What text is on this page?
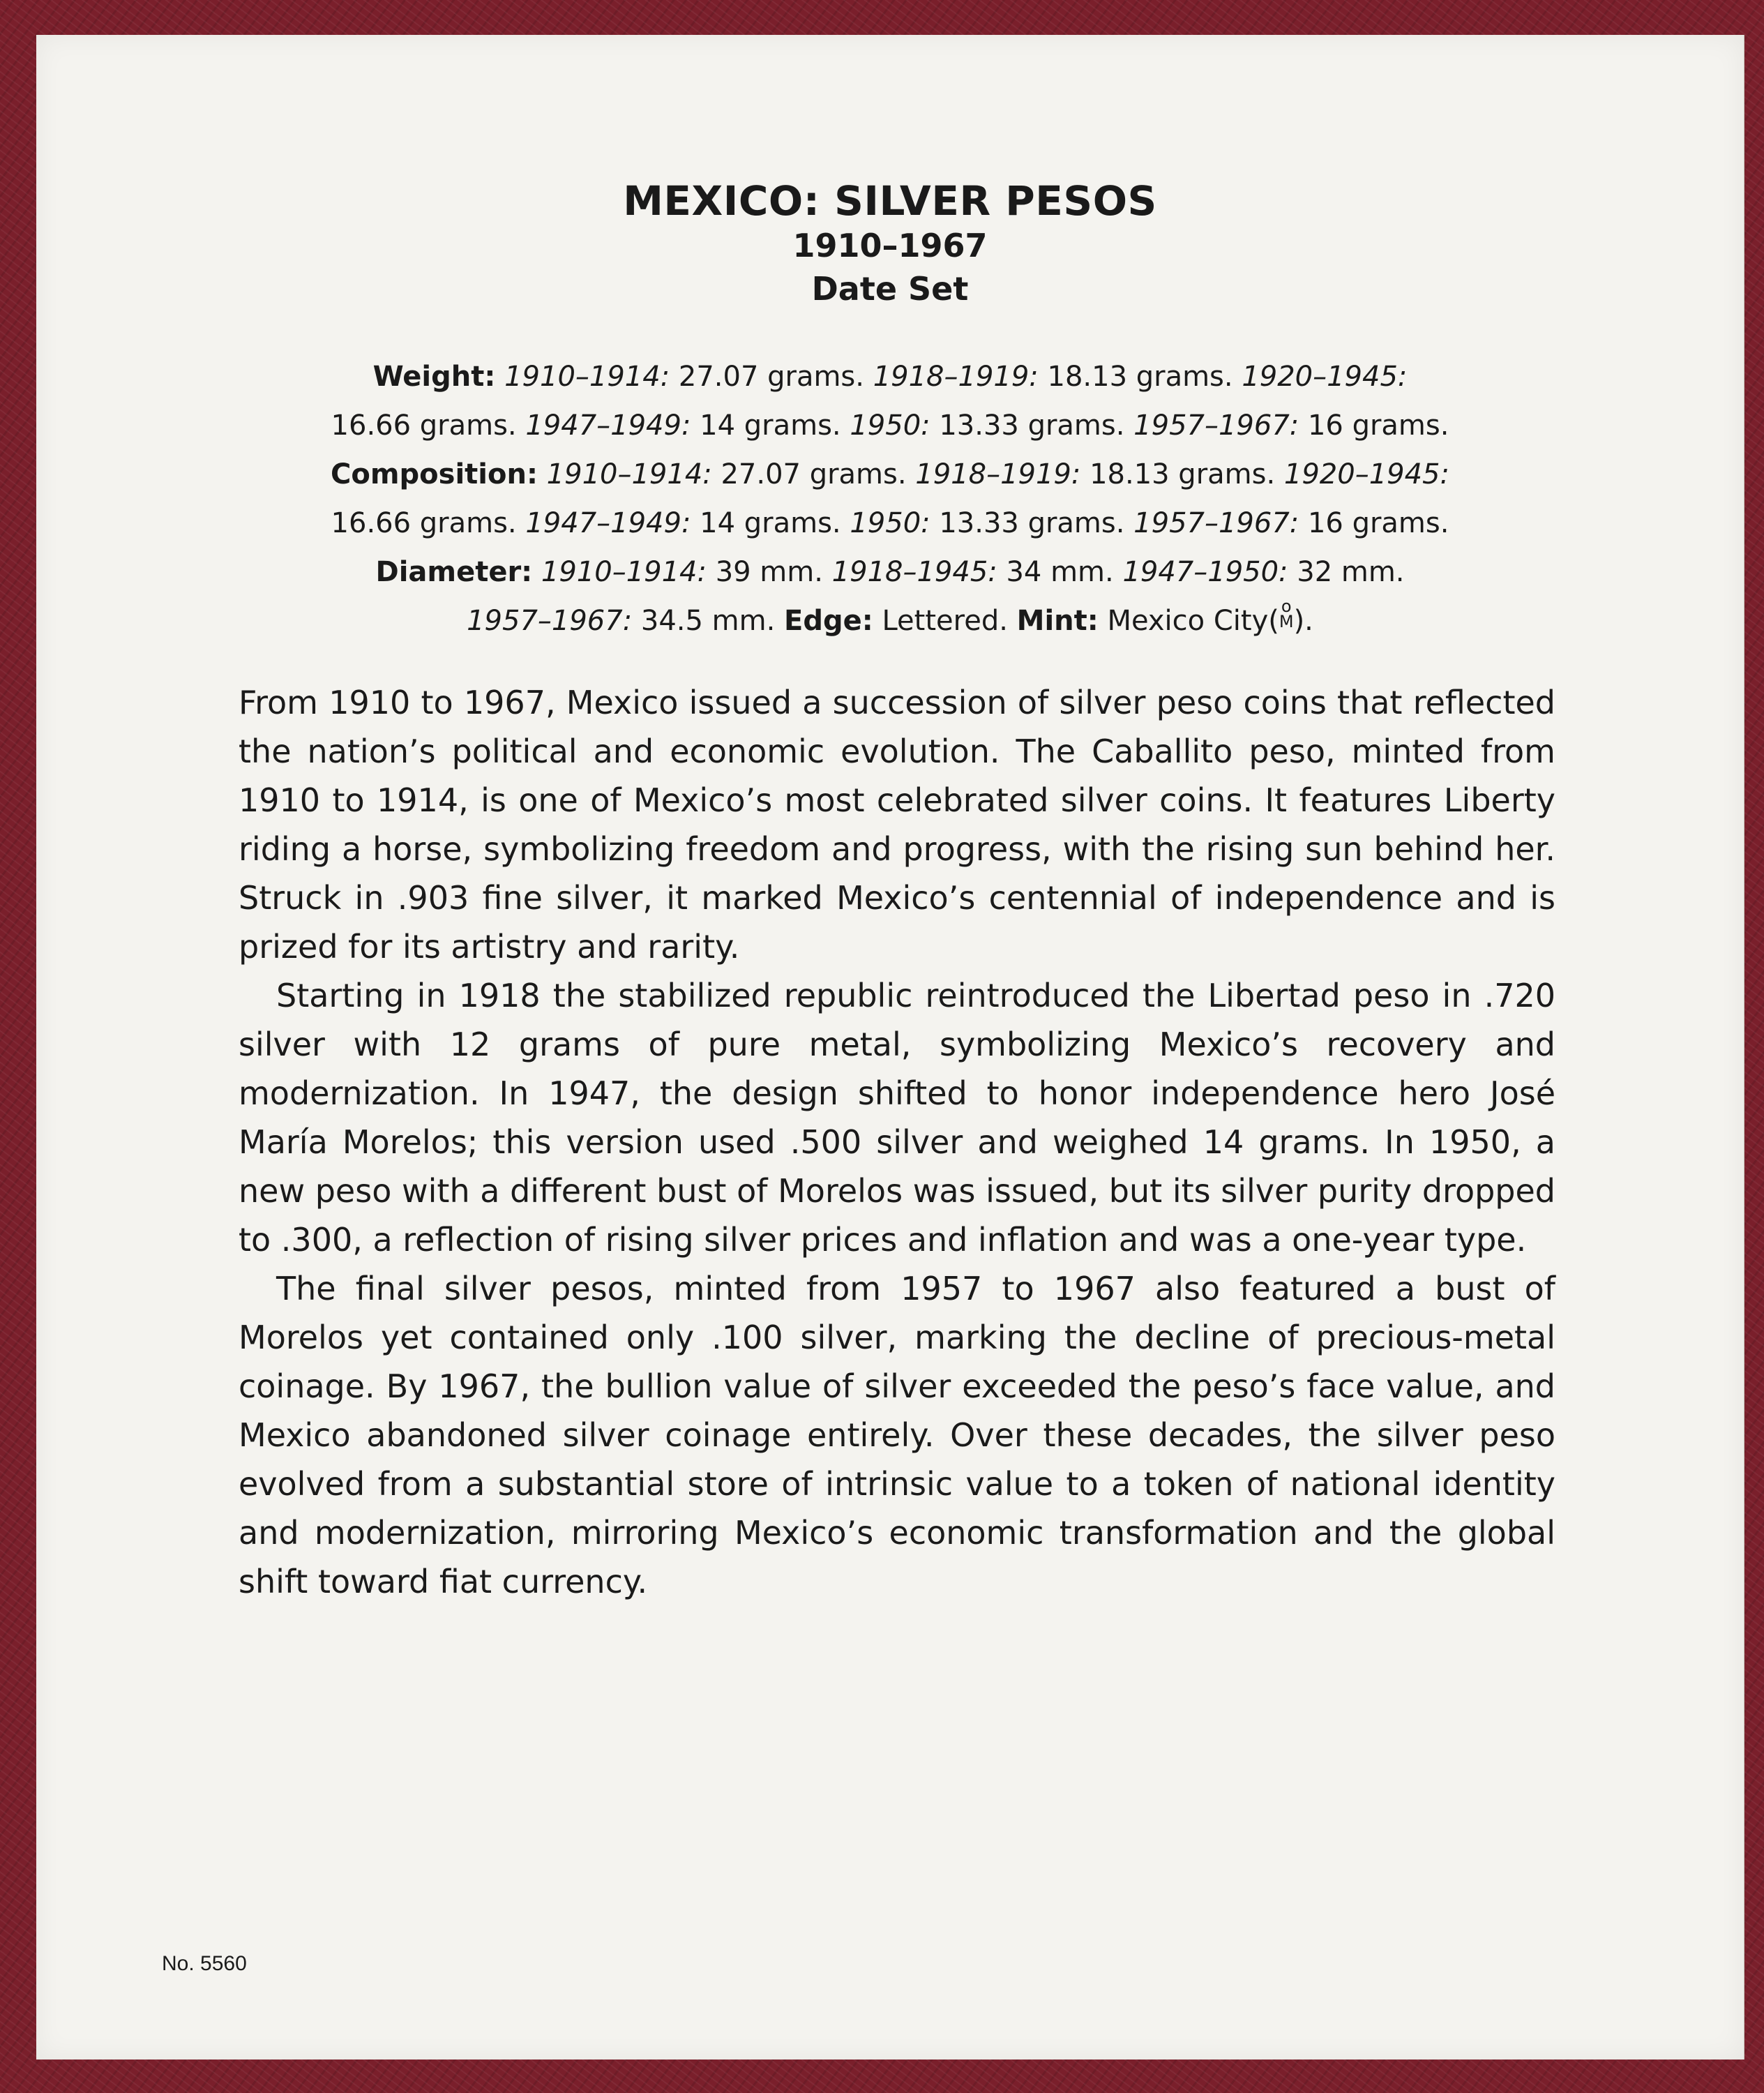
MEXICO: SILVER PESOS
1910–1967
Date Set
Weight: 1910–1914: 27.07 grams. 1918–1919: 18.13 grams. 1920–1945:
16.66 grams. 1947–1949: 14 grams. 1950: 13.33 grams. 1957–1967: 16 grams.
Composition: 1910–1914: 27.07 grams. 1918–1919: 18.13 grams. 1920–1945:
16.66 grams. 1947–1949: 14 grams. 1950: 13.33 grams. 1957–1967: 16 grams.
Diameter: 1910–1914: 39 mm. 1918–1945: 34 mm. 1947–1950: 32 mm.
1957–1967: 34.5 mm. Edge: Lettered. Mint: Mexico City( o
M).

From 1910 to 1967, Mexico issued a succession of silver peso coins that reflected the nation’s political and economic evolution. The Caballito peso, minted from 1910 to 1914, is one of Mexico’s most celebrated silver coins. It features Liberty riding a horse, symbolizing freedom and progress, with the rising sun behind her. Struck in .903 fine silver, it marked Mexico’s centennial of independence and is prized for its artistry and rarity.

Starting in 1918 the stabilized republic reintroduced the Libertad peso in .720 silver with 12 grams of pure metal, symbolizing Mexico’s recovery and modernization. In 1947, the design shifted to honor independence hero José María Morelos; this version used .500 silver and weighed 14 grams. In 1950, a new peso with a different bust of Morelos was issued, but its silver purity dropped to .300, a reflection of rising silver prices and inflation and was a one-year type.

The final silver pesos, minted from 1957 to 1967 also featured a bust of Morelos yet contained only .100 silver, marking the decline of precious-metal coinage. By 1967, the bullion value of silver exceeded the peso’s face value, and Mexico abandoned silver coinage entirely. Over these decades, the silver peso evolved from a substantial store of intrinsic value to a token of national identity and modernization, mirroring Mexico’s economic transformation and the global shift toward fiat currency.

No. 5560
